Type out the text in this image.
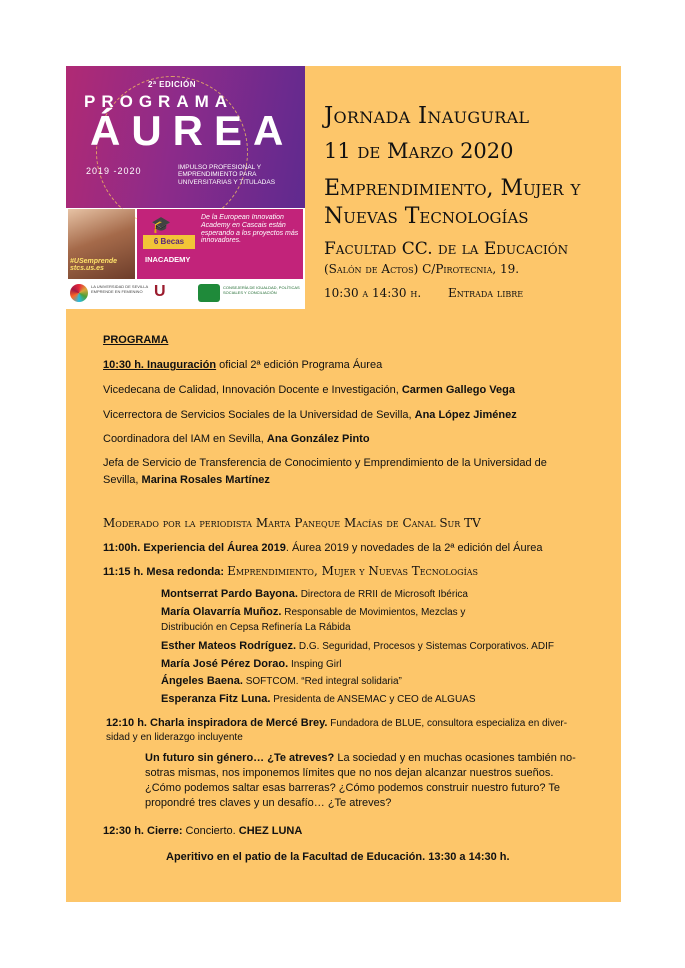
2ª EDICIÓN
PROGRAMA
ÁUREA
2019 -2020	IMPULSO PROFESIONAL Y EMPRENDIMIENTO PARA UNIVERSITARIAS Y TITULADAS
#USemprende
stcs.us.es
🎓
6 Becas
INACADEMY
De la European Innovation Academy en Cascais están esperando a los proyectos más innovadores.
LA UNIVERSIDAD DE SEVILLA EMPRENDE EN FEMENINO U	CONSEJERÍA DE IGUALDAD, POLÍTICAS SOCIALES Y CONCILIACIÓN
Jornada Inaugural
11 de Marzo 2020
Emprendimiento, Mujer y Nuevas Tecnologías
Facultad CC. de la Educación
(Salón de Actos) C/Pirotecnia, 19.
10:30 a 14:30 h. Entrada libre
PROGRAMA
10:30 h. Inauguración oficial 2ª edición Programa Áurea
Vicedecana de Calidad, Innovación Docente e Investigación, Carmen Gallego Vega
Vicerrectora de Servicios Sociales de la Universidad de Sevilla, Ana López Jiménez
Coordinadora del IAM en Sevilla, Ana González Pinto
Jefa de Servicio de Transferencia de Conocimiento y Emprendimiento de la Universidad de
Sevilla, Marina Rosales Martínez
Moderado por la periodista Marta Paneque Macías de Canal Sur TV
11:00h. Experiencia del Áurea 2019. Áurea 2019 y novedades de la 2ª edición del Áurea
11:15 h. Mesa redonda: Emprendimiento, Mujer y Nuevas Tecnologías
Montserrat Pardo Bayona. Directora de RRII de Microsoft Ibérica
María Olavarría Muñoz. Responsable de Movimientos, Mezclas y
Distribución en Cepsa Refinería La Rábida
Esther Mateos Rodríguez. D.G. Seguridad, Procesos y Sistemas Corporativos. ADIF
María José Pérez Dorao. Insping Girl
Ángeles Baena. SOFTCOM. “Red integral solidaria”
Esperanza Fitz Luna. Presidenta de ANSEMAC y CEO de ALGUAS
12:10 h. Charla inspiradora de Mercé Brey. Fundadora de BLUE, consultora especializa en diver-
sidad y en liderazgo incluyente
Un futuro sin género… ¿Te atreves? La sociedad y en muchas ocasiones también no-
sotras mismas, nos imponemos límites que no nos dejan alcanzar nuestros sueños.
¿Cómo podemos saltar esas barreras? ¿Cómo podemos construir nuestro futuro? Te
propondré tres claves y un desafío… ¿Te atreves?
12:30 h. Cierre: Concierto. CHEZ LUNA
Aperitivo en el patio de la Facultad de Educación. 13:30 a 14:30 h.
